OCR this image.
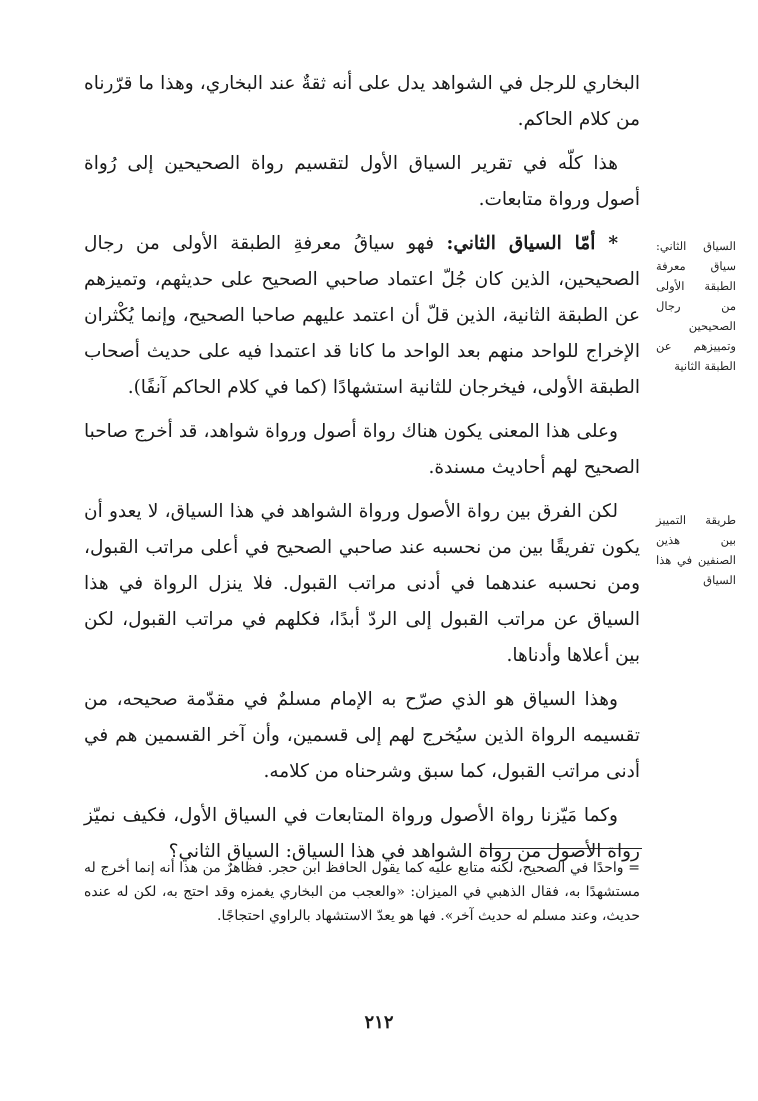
البخاري للرجل في الشواهد يدل على أنه ثقةٌ عند البخاري، وهذا ما قرّرناه من كلام الحاكم.

هذا كلّه في تقرير السياق الأول لتقسيم رواة الصحيحين إلى رُواة أصول ورواة متابعات.

* أمّا السياق الثاني: فهو سياقُ معرفةِ الطبقة الأولى من رجال الصحيحين، الذين كان جُلّ اعتماد صاحبي الصحيح على حديثهم، وتميزهم عن الطبقة الثانية، الذين قلّ أن اعتمد عليهم صاحبا الصحيح، وإنما يُكْثران الإخراج للواحد منهم بعد الواحد ما كانا قد اعتمدا فيه على حديث أصحاب الطبقة الأولى، فيخرجان للثانية استشهادًا (كما في كلام الحاكم آنفًا).

وعلى هذا المعنى يكون هناك رواة أصول ورواة شواهد، قد أخرج صاحبا الصحيح لهم أحاديث مسندة.

لكن الفرق بين رواة الأصول ورواة الشواهد في هذا السياق، لا يعدو أن يكون تفريقًا بين من نحسبه عند صاحبي الصحيح في أعلى مراتب القبول، ومن نحسبه عندهما في أدنى مراتب القبول. فلا ينزل الرواة في هذا السياق عن مراتب القبول إلى الردّ أبدًا، فكلهم في مراتب القبول، لكن بين أعلاها وأدناها.

وهذا السياق هو الذي صرّح به الإمام مسلمٌ في مقدّمة صحيحه، من تقسيمه الرواة الذين سيُخرج لهم إلى قسمين، وأن آخر القسمين هم في أدنى مراتب القبول، كما سبق وشرحناه من كلامه.

وكما مَيّزنا رواة الأصول ورواة المتابعات في السياق الأول، فكيف نميّز رواة الأصول من رواة الشواهد في هذا السياق: السياق الثاني؟

السياق الثاني: سياق معرفة الطبقة الأولى من رجال الصحيحين وتمييزهم عن الطبقة الثانية
طريقة التمييز بين هذين الصنفين في هذا السياق

= واحدًا في الصحيح، لكنه متابع عليه كما يقول الحافظ ابن حجر. فظاهرٌ من هذا أنه إنما أخرج له مستشهدًا به، فقال الذهبي في الميزان: «والعجب من البخاري يغمزه وقد احتج به، لكن له عنده حديث، وعند مسلم له حديث آخر». فها هو يعدّ الاستشهاد بالراوي احتجاجًا.

٢١٢
